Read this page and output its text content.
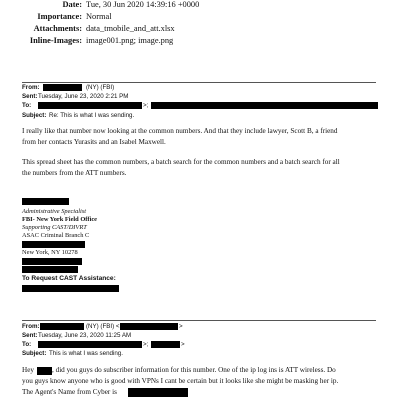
Date: Tue, 30 Jun 2020 14:39:16 +0000
Importance: Normal
Attachments: data_tmobile_and_att.xlsx
Inline-Images: image001.png; image.png
From:	(NY) (FBI)
Sent: Tuesday, June 23, 2020 2:21 PM
To:	>;
Subject: Re: This is what I was sending.
I really like that number now looking at the common numbers. And that they include lawyer, Scott B, a friend
from her contacts Yurasits and an Isabel Maxwell.
This spread sheet has the common numbers, a batch search for the common numbers and a batch search for all
the numbers from the ATT numbers.
Administrative Specialist
FBI- New York Field Office
Supporting CAST/DIVRT
ASAC Criminal Branch C
New York, NY 10278
To Request CAST Assistance:
From:	(NY) (FBI) <	>
Sent: Tuesday, June 23, 2020 11:25 AM
To:	>;	>
Subject: This is what I was sending.
Hey	, did you guys do subscriber information for this number. One of the ip log ins is ATT wireless. Do
you guys know anyone who is good with VPNs I cant be certain but it looks like she might be masking her ip.
The Agent's Name from Cyber is
